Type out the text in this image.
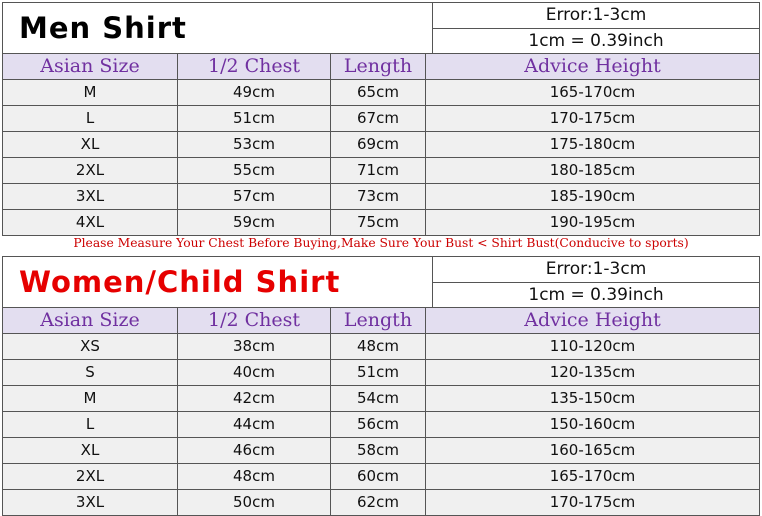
Men Shirt	Error:1-3cm
1cm = 0.39inch
Asian Size	1/2 Chest	Length	Advice Height
M	49cm	65cm	165-170cm
L	51cm	67cm	170-175cm
XL	53cm	69cm	175-180cm
2XL	55cm	71cm	180-185cm
3XL	57cm	73cm	185-190cm
4XL	59cm	75cm	190-195cm
Please Measure Your Chest Before Buying,Make Sure Your Bust < Shirt Bust(Conducive to sports)
Women/Child Shirt	Error:1-3cm
1cm = 0.39inch
Asian Size	1/2 Chest	Length	Advice Height
XS	38cm	48cm	110-120cm
S	40cm	51cm	120-135cm
M	42cm	54cm	135-150cm
L	44cm	56cm	150-160cm
XL	46cm	58cm	160-165cm
2XL	48cm	60cm	165-170cm
3XL	50cm	62cm	170-175cm
